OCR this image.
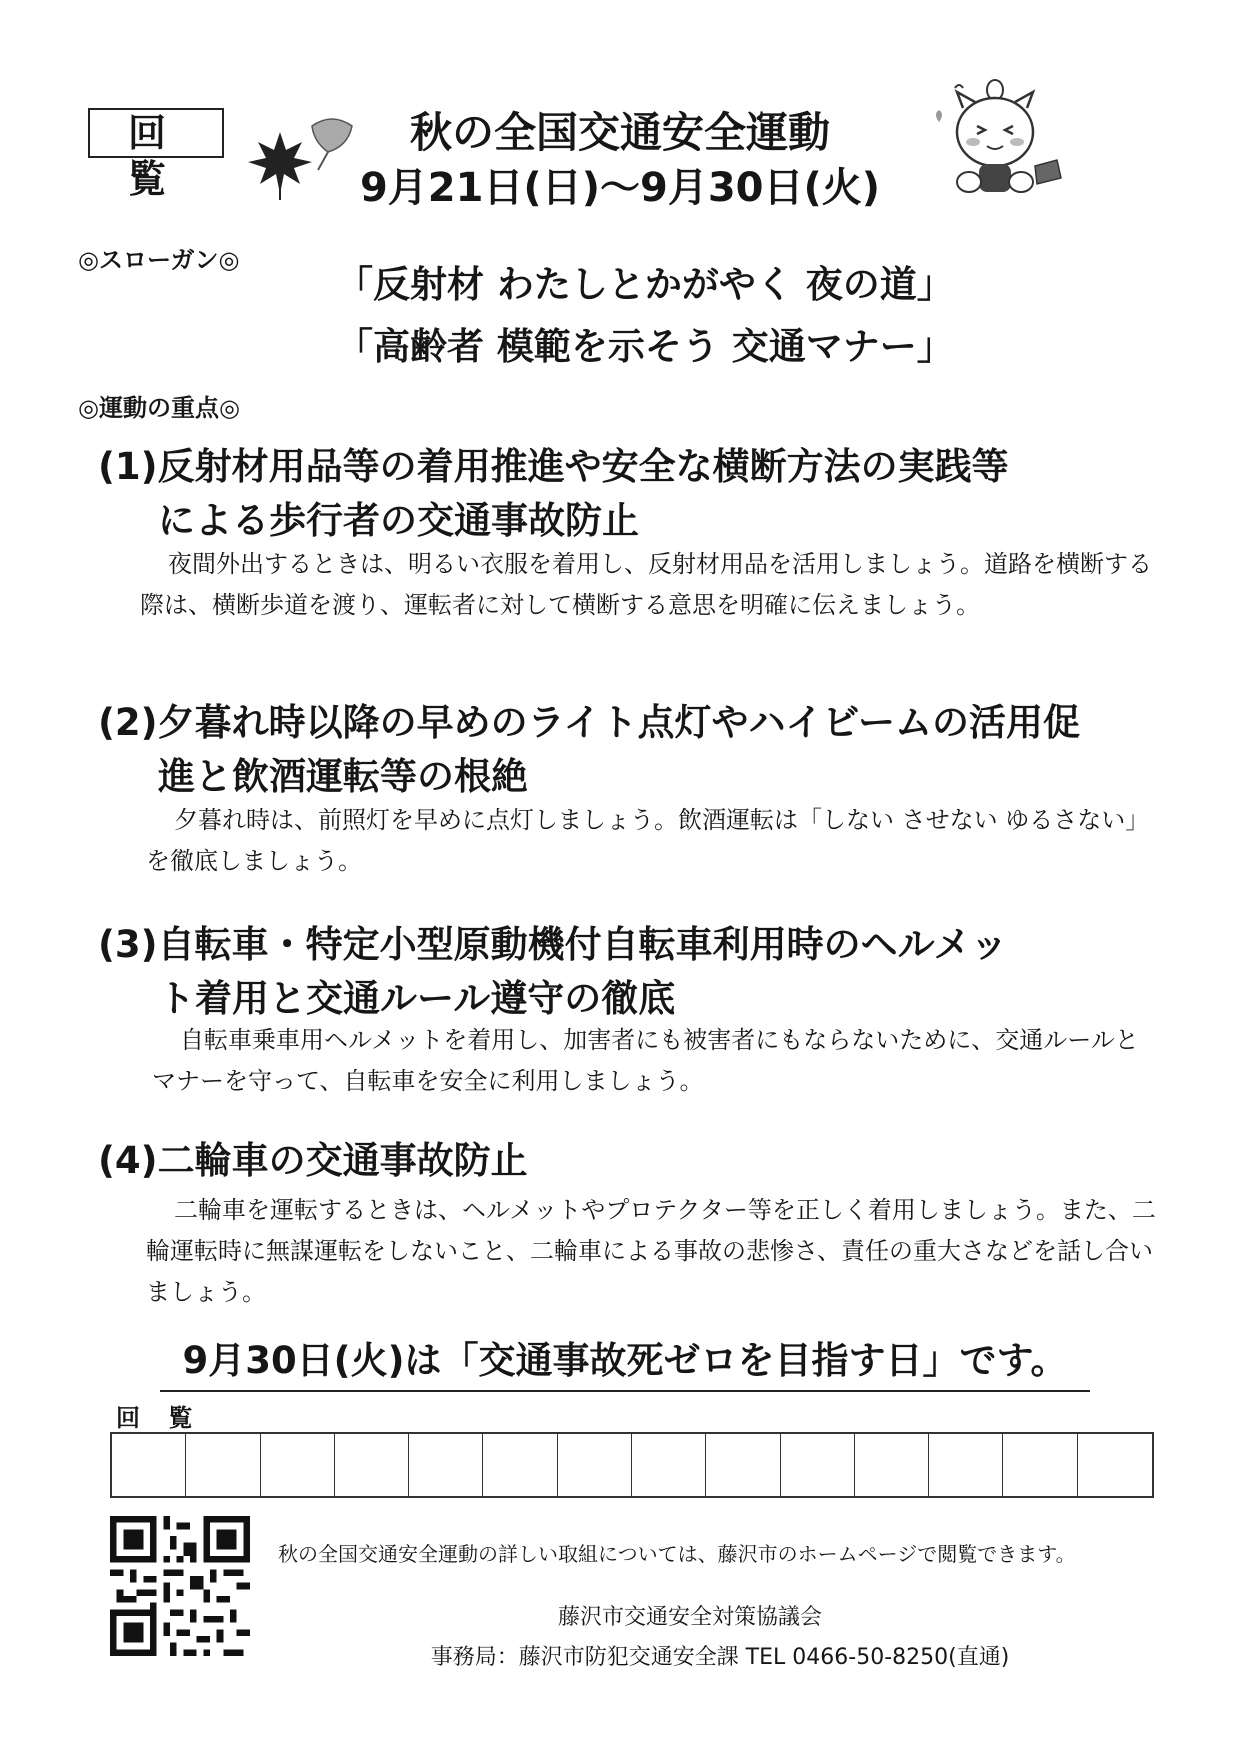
回 覧
秋の全国交通安全運動
9月21日(日)～9月30日(火)
◎スローガン◎
「反射材 わたしとかがやく 夜の道」
「高齢者 模範を示そう 交通マナー」
◎運動の重点◎
(1)反射材用品等の着用推進や安全な横断方法の実践等
による歩行者の交通事故防止
夜間外出するときは、明るい衣服を着用し、反射材用品を活用しましょう。道路を横断する際は、横断歩道を渡り、運転者に対して横断する意思を明確に伝えましょう。
(2)夕暮れ時以降の早めのライト点灯やハイビームの活用促
進と飲酒運転等の根絶
夕暮れ時は、前照灯を早めに点灯しましょう。飲酒運転は「しない させない ゆるさない」を徹底しましょう。
(3)自転車・特定小型原動機付自転車利用時のヘルメッ
ト着用と交通ルール遵守の徹底
自転車乗車用ヘルメットを着用し、加害者にも被害者にもならないために、交通ルールとマナーを守って、自転車を安全に利用しましょう。
(4)二輪車の交通事故防止
二輪車を運転するときは、ヘルメットやプロテクター等を正しく着用しましょう。また、二輪運転時に無謀運転をしないこと、二輪車による事故の悲惨さ、責任の重大さなどを話し合いましょう。
9月30日(火)は「交通事故死ゼロを目指す日」です。
回 覧
秋の全国交通安全運動の詳しい取組については、藤沢市のホームページで閲覧できます。
藤沢市交通安全対策協議会
事務局：藤沢市防犯交通安全課 TEL 0466-50-8250(直通)
